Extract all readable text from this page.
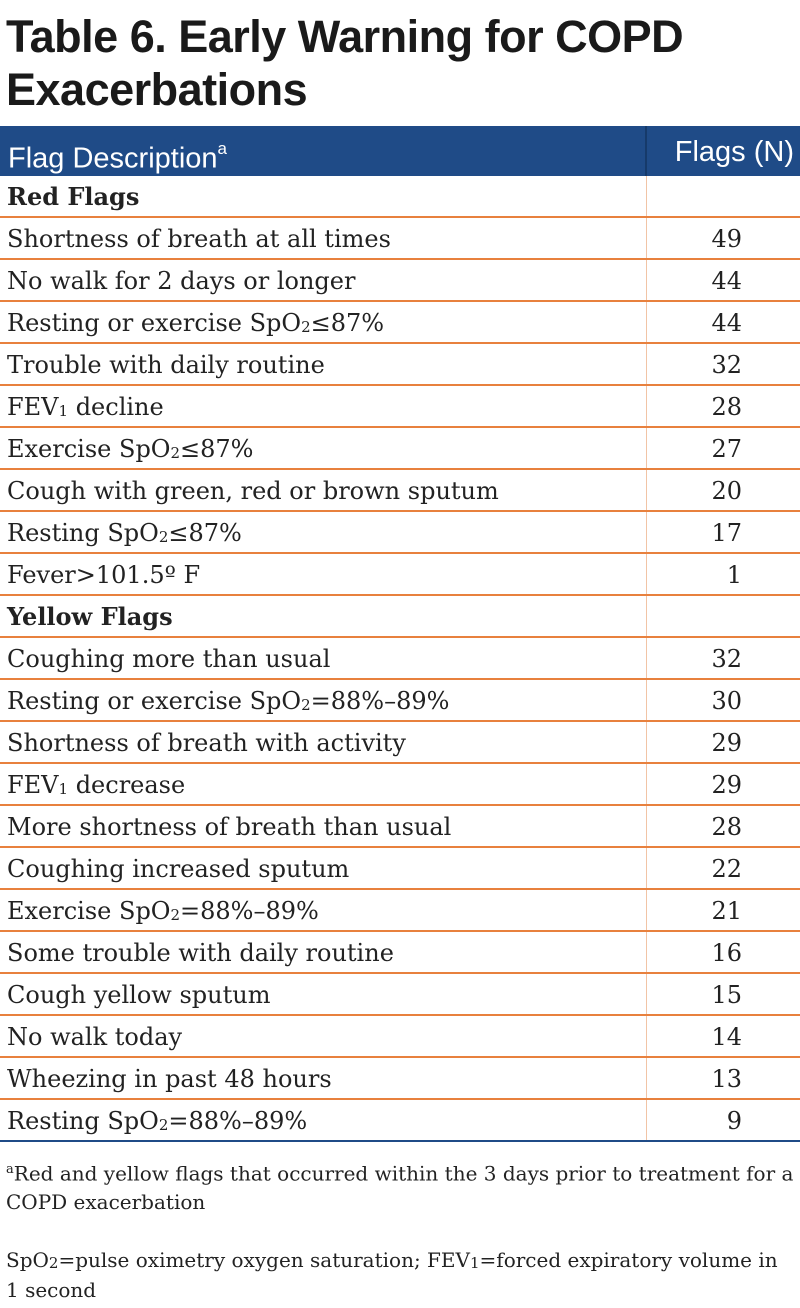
Table 6. Early Warning for COPD Exacerbations
Flag Description$^a$	Flags (N)
Red Flags
Shortness of breath at all times	49
No walk for 2 days or longer	44
Resting or exercise SpO$_2$≤87%	44
Trouble with daily routine	32
$FEV_1$ decline	28
Exercise SpO$_2$≤87%	27
Cough with green, red or brown sputum	20
Resting SpO$_2$≤87%	17
Fever>101.5º F	1
Yellow Flags
Coughing more than usual	32
Resting or exercise SpO$_2$=88%–89%	30
Shortness of breath with activity	29
$FEV_1$ decrease	29
More shortness of breath than usual	28
Coughing increased sputum	22
Exercise SpO$_2$=88%–89%	21
Some trouble with daily routine	16
Cough yellow sputum	15
No walk today	14
Wheezing in past 48 hours	13
Resting SpO$_2$=88%–89%	9
$^a$Red and yellow flags that occurred within the 3 days prior to treatment for a COPD exacerbation
SpO$_2$=pulse oximetry oxygen saturation; $FEV_1=forced$ expiratory volume in 1 second
